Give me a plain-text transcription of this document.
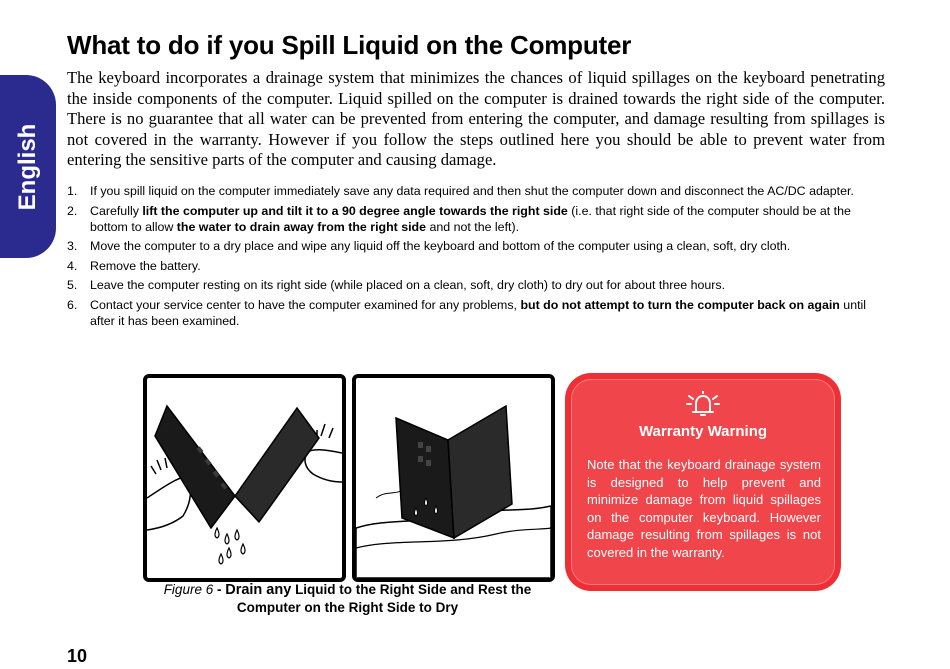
English
What to do if you Spill Liquid on the Computer

The keyboard incorporates a drainage system that minimizes the chances of liquid spillages on the keyboard penetrating the inside components of the computer. Liquid spilled on the computer is drained towards the right side of the computer. There is no guarantee that all water can be prevented from entering the computer, and damage resulting from spillages is not covered in the warranty. However if you follow the steps outlined here you should be able to prevent water from entering the sensitive parts of the computer and causing damage.

1. If you spill liquid on the computer immediately save any data required and then shut the computer down and disconnect the AC/DC adapter.
2. Carefully lift the computer up and tilt it to a 90 degree angle towards the right side (i.e. that right side of the computer should be at the bottom to allow the water to drain away from the right side and not the left).
3. Move the computer to a dry place and wipe any liquid off the keyboard and bottom of the computer using a clean, soft, dry cloth.
4. Remove the battery.
5. Leave the computer resting on its right side (while placed on a clean, soft, dry cloth) to dry out for about three hours.
6. Contact your service center to have the computer examined for any problems, but do not attempt to turn the computer back on again until after it has been examined.
Figure 6 - Drain any Liquid to the Right Side and Rest the Computer on the Right Side to Dry
Warranty Warning
Note that the keyboard drainage system is designed to help prevent and minimize damage from liquid spillages on the computer keyboard. However damage resulting from spillages is not covered in the warranty.
10
